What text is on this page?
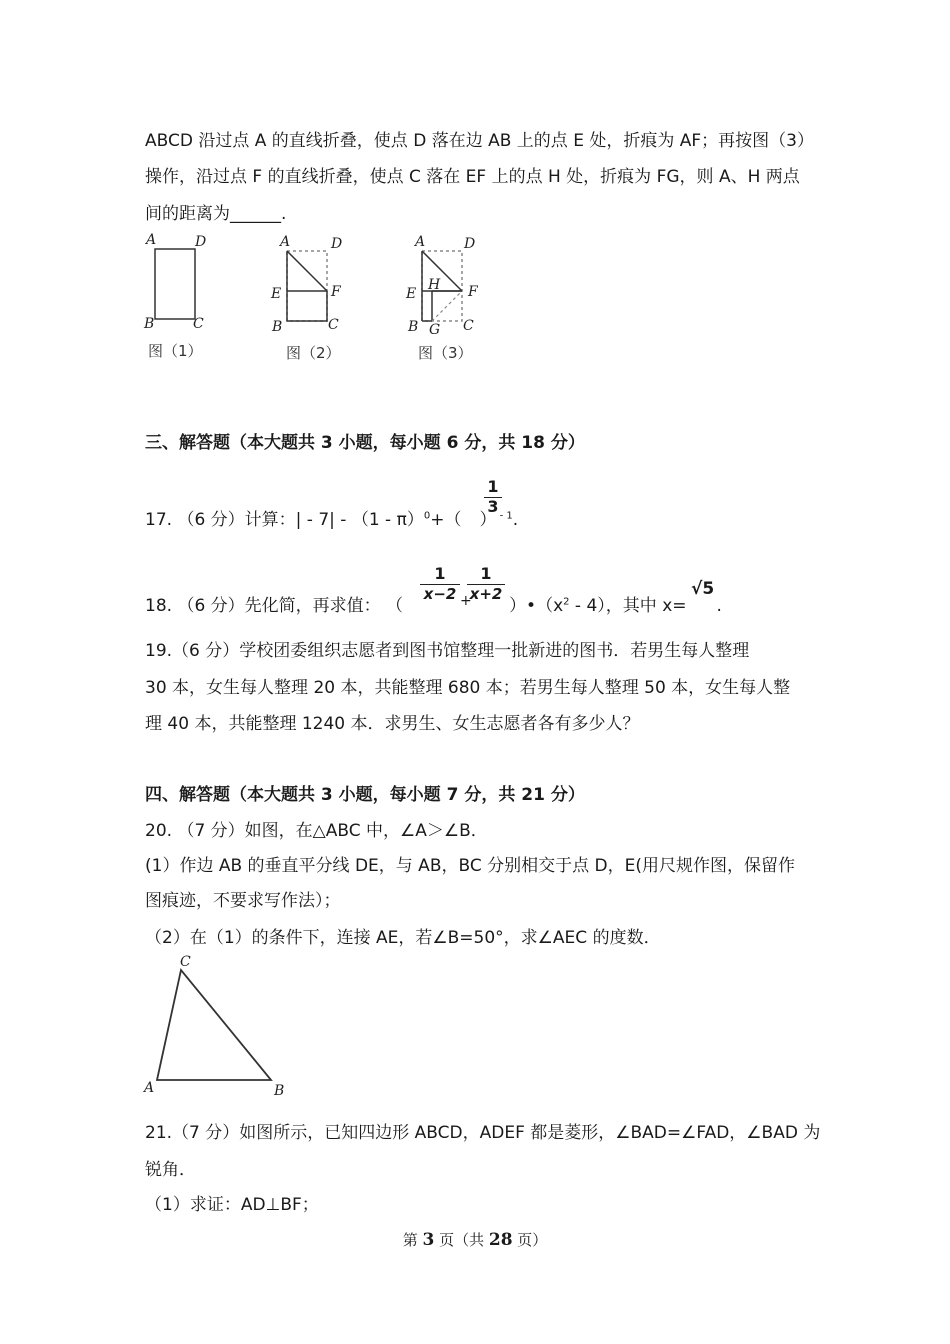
ABCD 沿过点 A 的直线折叠，使点 D 落在边 AB 上的点 E 处，折痕为 AF；再按图（3）
操作，沿过点 F 的直线折叠，使点 C 落在 EF 上的点 H 处，折痕为 FG，则 A、H 两点
间的距离为______.
A	D
B	C
图（1）
A	D
E	F
B	C
图（2）
A	D
E
H F
B G C
图（3）
三、解答题（本大题共 3 小题，每小题 6 分，共 18 分）
17. （6 分）计算：| - 7| - （1 - π）$^0$+（ ） $^{- 1}$.
$\frac{1}{3}$
18. （6 分）先化简，再求值： （	）$•(x^2 - 4)$，其中 x= .
$\frac{1}{x-2}$ +
$\frac{1}{x+2}$	√5
19.（6 分）学校团委组织志愿者到图书馆整理一批新进的图书．若男生每人整理
30 本，女生每人整理 20 本，共能整理 680 本；若男生每人整理 50 本，女生每人整
理 40 本，共能整理 1240 本．求男生、女生志愿者各有多少人？
四、解答题（本大题共 3 小题，每小题 7 分，共 21 分）
20. （7 分）如图，在△ABC 中，∠A＞∠B．
(1）作边 AB 的垂直平分线 DE，与 AB，BC 分别相交于点 D，E(用尺规作图，保留作
图痕迹，不要求写作法）；
（2）在（1）的条件下，连接 AE，若∠B=50°，求∠AEC 的度数．
A	B
C
21.（7 分）如图所示，已知四边形 ABCD，ADEF 都是菱形，∠BAD=∠FAD，∠BAD 为
锐角．
（1）求证：AD⊥BF；
第 3 页（共 28 页）
